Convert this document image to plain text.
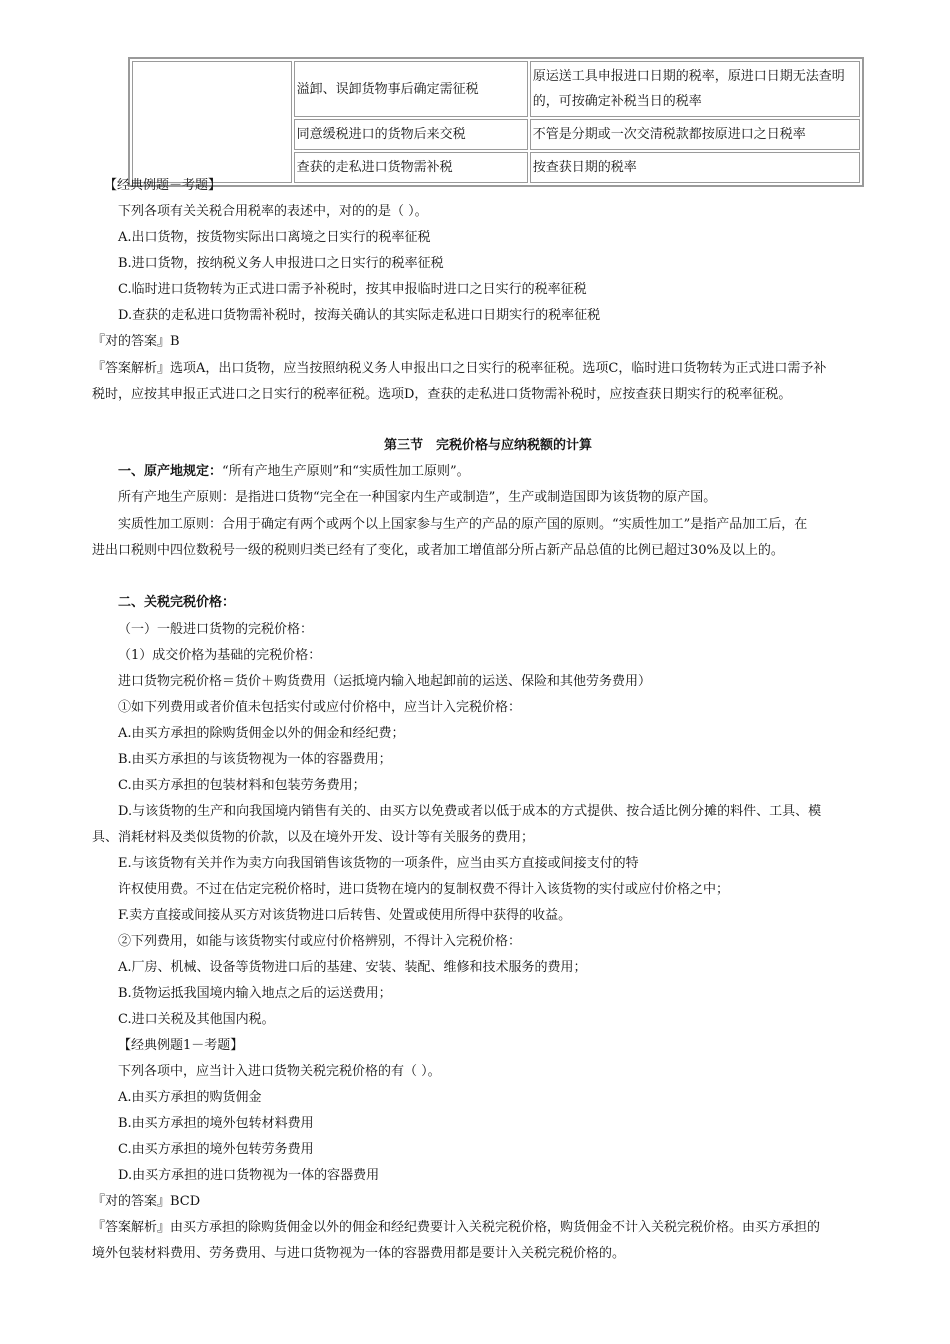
	溢卸、误卸货物事后确定需征税	原运送工具申报进口日期的税率，原进口日期无法查明的，可按确定补税当日的税率
	同意缓税进口的货物后来交税	不管是分期或一次交清税款都按原进口之日税率
	查获的走私进口货物需补税	按查获日期的税率
【经典例题－考题】
下列各项有关关税合用税率的表述中，对的的是（ ）。
A.出口货物，按货物实际出口离境之日实行的税率征税
B.进口货物，按纳税义务人申报进口之日实行的税率征税
C.临时进口货物转为正式进口需予补税时，按其申报临时进口之日实行的税率征税
D.查获的走私进口货物需补税时，按海关确认的其实际走私进口日期实行的税率征税
『对的答案』B
『答案解析』选项A，出口货物，应当按照纳税义务人申报出口之日实行的税率征税。选项C，临时进口货物转为正式进口需予补
税时，应按其申报正式进口之日实行的税率征税。选项D，查获的走私进口货物需补税时，应按查获日期实行的税率征税。
第三节　完税价格与应纳税额的计算
一、原产地规定：“所有产地生产原则”和“实质性加工原则”。
所有产地生产原则：是指进口货物“完全在一种国家内生产或制造”，生产或制造国即为该货物的原产国。
实质性加工原则：合用于确定有两个或两个以上国家参与生产的产品的原产国的原则。“实质性加工”是指产品加工后，在
进出口税则中四位数税号一级的税则归类已经有了变化，或者加工增值部分所占新产品总值的比例已超过30%及以上的。
二、关税完税价格：
（一）一般进口货物的完税价格：
（1）成交价格为基础的完税价格：
进口货物完税价格＝货价＋购货费用（运抵境内输入地起卸前的运送、保险和其他劳务费用）
①如下列费用或者价值未包括实付或应付价格中，应当计入完税价格：
A.由买方承担的除购货佣金以外的佣金和经纪费；
B.由买方承担的与该货物视为一体的容器费用；
C.由买方承担的包装材料和包装劳务费用；
D.与该货物的生产和向我国境内销售有关的、由买方以免费或者以低于成本的方式提供、按合适比例分摊的料件、工具、模
具、消耗材料及类似货物的价款，以及在境外开发、设计等有关服务的费用；
E.与该货物有关并作为卖方向我国销售该货物的一项条件，应当由买方直接或间接支付的特
许权使用费。不过在估定完税价格时，进口货物在境内的复制权费不得计入该货物的实付或应付价格之中；
F.卖方直接或间接从买方对该货物进口后转售、处置或使用所得中获得的收益。
②下列费用，如能与该货物实付或应付价格辨别，不得计入完税价格：
A.厂房、机械、设备等货物进口后的基建、安装、装配、维修和技术服务的费用；
B.货物运抵我国境内输入地点之后的运送费用；
C.进口关税及其他国内税。
【经典例题1－考题】
下列各项中，应当计入进口货物关税完税价格的有（ ）。
A.由买方承担的购货佣金
B.由买方承担的境外包转材料费用
C.由买方承担的境外包转劳务费用
D.由买方承担的进口货物视为一体的容器费用
『对的答案』BCD
『答案解析』由买方承担的除购货佣金以外的佣金和经纪费要计入关税完税价格，购货佣金不计入关税完税价格。由买方承担的
境外包装材料费用、劳务费用、与进口货物视为一体的容器费用都是要计入关税完税价格的。
